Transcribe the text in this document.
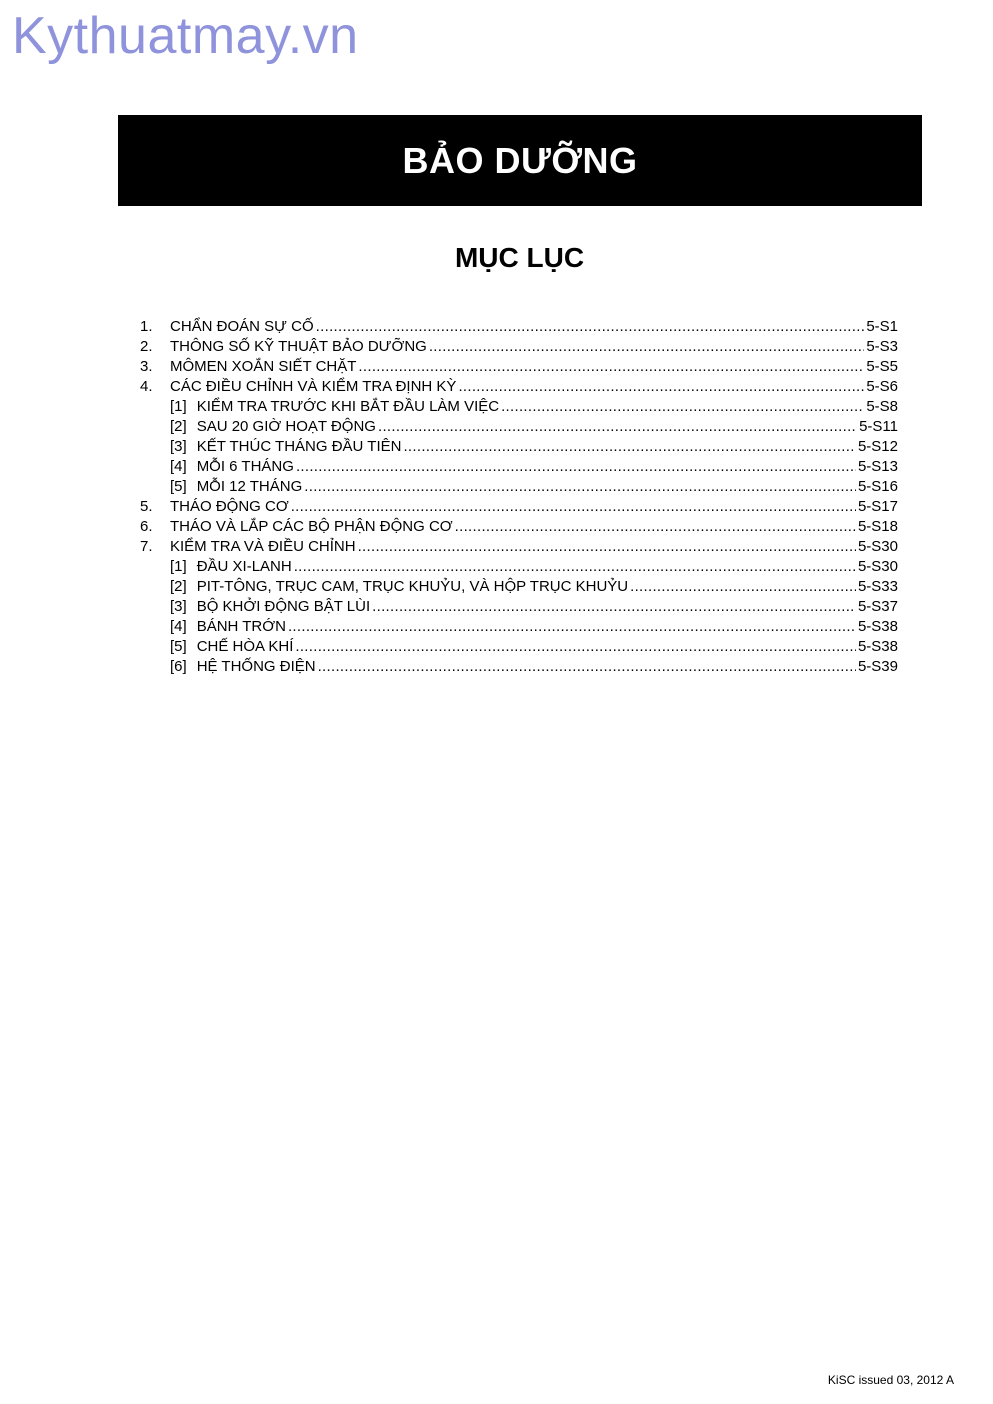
Kythuatmay.vn
BẢO DƯỠNG
MỤC LỤC
1.	CHẨN ĐOÁN SỰ CỐ .....	5-S1
2.	THÔNG SỐ KỸ THUẬT BẢO DƯỠNG .....	5-S3
3.	MÔMEN XOẮN SIẾT CHẶT .....	5-S5
4.	CÁC ĐIỀU CHỈNH VÀ KIỂM TRA ĐỊNH KỲ .....	5-S6
[1] KIỂM TRA TRƯỚC KHI BẮT ĐẦU LÀM VIỆC .....	5-S8
[2] SAU 20 GIỜ HOẠT ĐỘNG .....	5-S11
[3] KẾT THÚC THÁNG ĐẦU TIÊN .....	5-S12
[4] MỖI 6 THÁNG .....	5-S13
[5] MỖI 12 THÁNG .....	5-S16
5.	THÁO ĐỘNG CƠ .....	5-S17
6.	THÁO VÀ LẮP CÁC BỘ PHẬN ĐỘNG CƠ .....	5-S18
7.	KIỂM TRA VÀ ĐIỀU CHỈNH .....	5-S30
[1] ĐẦU XI-LANH .....	5-S30
[2] PIT-TÔNG, TRỤC CAM, TRỤC KHUỶU, VÀ HỘP TRỤC KHUỶU .....	5-S33
[3] BỘ KHỞI ĐỘNG BẬT LÙI .....	5-S37
[4] BÁNH TRỚN .....	5-S38
[5] CHẾ HÒA KHÍ .....	5-S38
[6] HỆ THỐNG ĐIỆN .....	5-S39
KiSC issued 03, 2012 A
